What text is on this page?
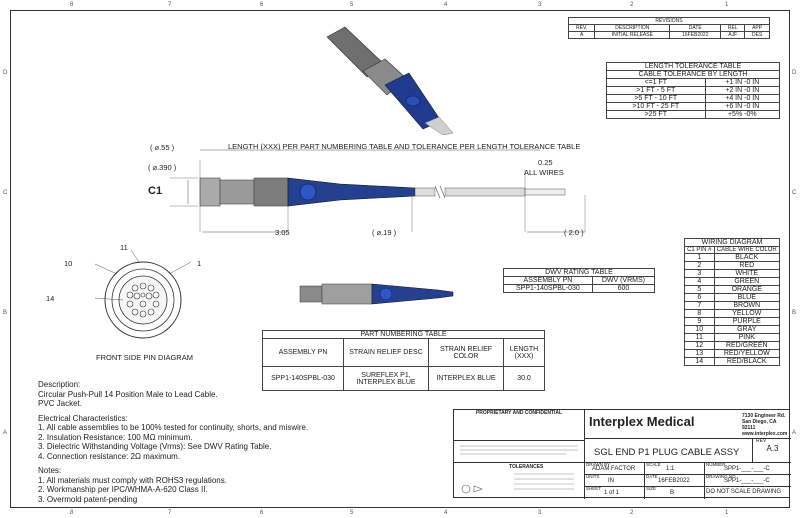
8	7	6	5	4	3	2	1
8	7	6	5	4	3	2	1
D
C
B
A
D
C
B
A
REVISIONS				
REV.	DESCRIPTION	DATE	REL	APP
A	INITIAL RELEASE	16FEB2022	AJF	DES
LENGTH TOLERANCE TABLE	
CABLE TOLERANCE BY LENGTH	
<=1 FT	+1 IN -0 IN
>1 FT - 5 FT	+2 IN -0 IN
>5 FT - 10 FT	+4 IN -0 IN
>10 FT - 25 FT	+6 IN -0 IN
>25 FT	+5% -0%
( ⌀.55 )
( ⌀.390 )
C1
LENGTH (XXX) PER PART NUMBERING TABLE AND TOLERANCE PER LENGTH TOLERANCE TABLE
0.25
ALL WIRES
3.05	( ⌀.19 )	( 2.0 )
11
10	1
14
FRONT SIDE PIN DIAGRAM
DWV RATING TABLE	
ASSEMBLY PN	DWV (VRMS)
SPP1-140SPBL-030	600
WIRING DIAGRAM	
C1 PIN #	CABLE WIRE COLOR
1	BLACK
2	RED
3	WHITE
4	GREEN
5	ORANGE
6	BLUE
7	BROWN
8	YELLOW
9	PURPLE
10	GRAY
11	PINK
12	RED/GREEN
13	RED/YELLOW
14	RED/BLACK
PART NUMBERING TABLE			
ASSEMBLY PN	STRAIN RELIEF DESC	STRAIN RELIEF COLOR	LENGTH (XXX)
SPP1-140SPBL-030	SUREFLEX P1, INTERPLEX BLUE	INTERPLEX BLUE	30.0
Description:
Circular Push-Pull 14 Position Male to Lead Cable.
PVC Jacket.
Electrical Characteristics:
1. All cable assemblies to be 100% tested for continuity, shorts, and miswire.
2. Insulation Resistance: 100 MΩ minimum.
3. Dielectric Withstanding Voltage (Vrms): See DWV Rating Table.
4. Connection resistance: 2Ω maximum.
Notes:
1. All materials must comply with ROHS3 regulations.
2. Workmanship per IPC/WHMA-A-620 Class II.
3. Overmold patent-pending
PROPRIETARY AND CONFIDENTIAL
TOLERANCES
Interplex Medical	7130 Engineer Rd.
San Diego, CA 92111
www.interplex.com
SGL END P1 PLUG CABLE ASSY
REV
A.3
DRAWN BY
ADAM FACTOR
SCALE
1:1
NUMBER
SPP1-___-___-C
UNITS
IN
DATE
16FEB2022
DRAWING NO.
SPP1-___-___-C
SHEET
1 of 1
SIZE
B	DO NOT SCALE DRAWING
